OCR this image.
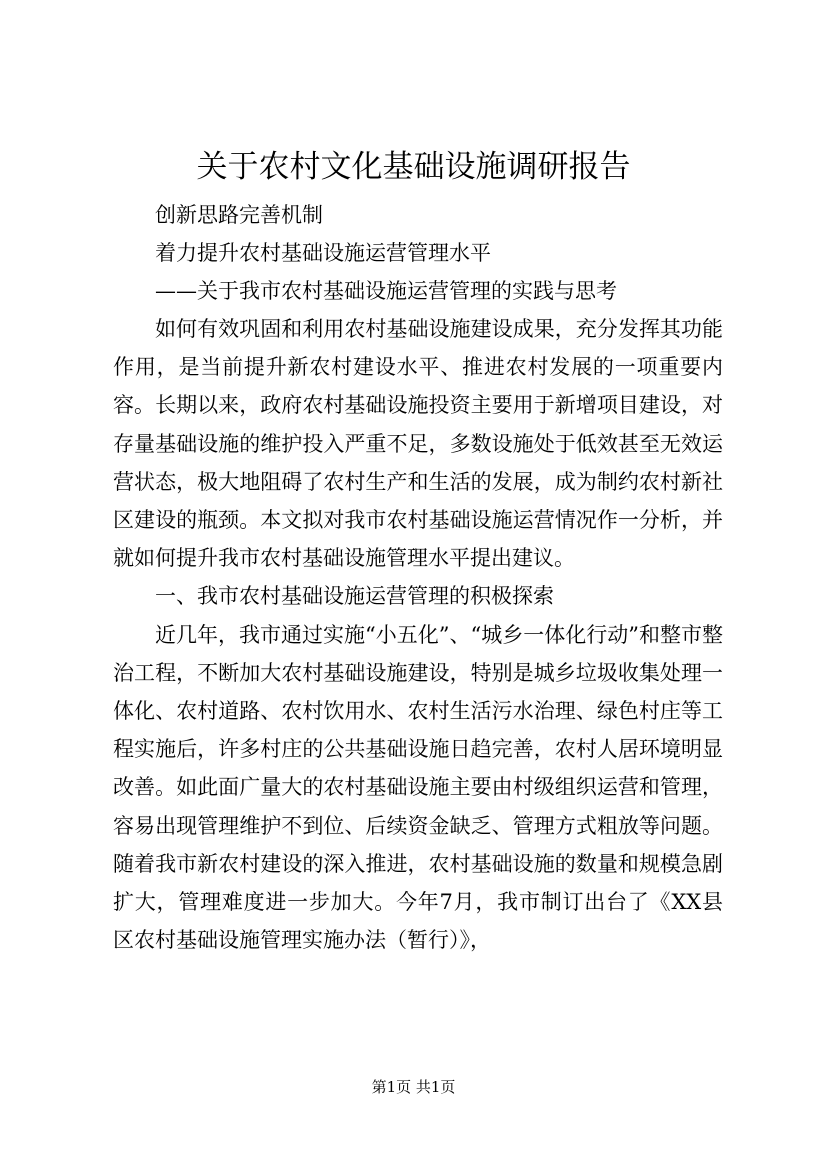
关于农村文化基础设施调研报告
创新思路完善机制
着力提升农村基础设施运营管理水平
——关于我市农村基础设施运营管理的实践与思考

如何有效巩固和利用农村基础设施建设成果，充分发挥其功能作用，是当前提升新农村建设水平、推进农村发展的一项重要内容。长期以来，政府农村基础设施投资主要用于新增项目建设，对存量基础设施的维护投入严重不足，多数设施处于低效甚至无效运营状态，极大地阻碍了农村生产和生活的发展，成为制约农村新社区建设的瓶颈。本文拟对我市农村基础设施运营情况作一分析，并就如何提升我市农村基础设施管理水平提出建议。

一、我市农村基础设施运营管理的积极探索

近几年，我市通过实施“小五化”、“城乡一体化行动”和整市整治工程，不断加大农村基础设施建设，特别是城乡垃圾收集处理一体化、农村道路、农村饮用水、农村生活污水治理、绿色村庄等工程实施后，许多村庄的公共基础设施日趋完善，农村人居环境明显改善。如此面广量大的农村基础设施主要由村级组织运营和管理，容易出现管理维护不到位、后续资金缺乏、管理方式粗放等问题。随着我市新农村建设的深入推进，农村基础设施的数量和规模急剧扩大，管理难度进一步加大。今年7月，我市制订出台了《XX县区农村基础设施管理实施办法（暂行）》，

第1页 共1页
